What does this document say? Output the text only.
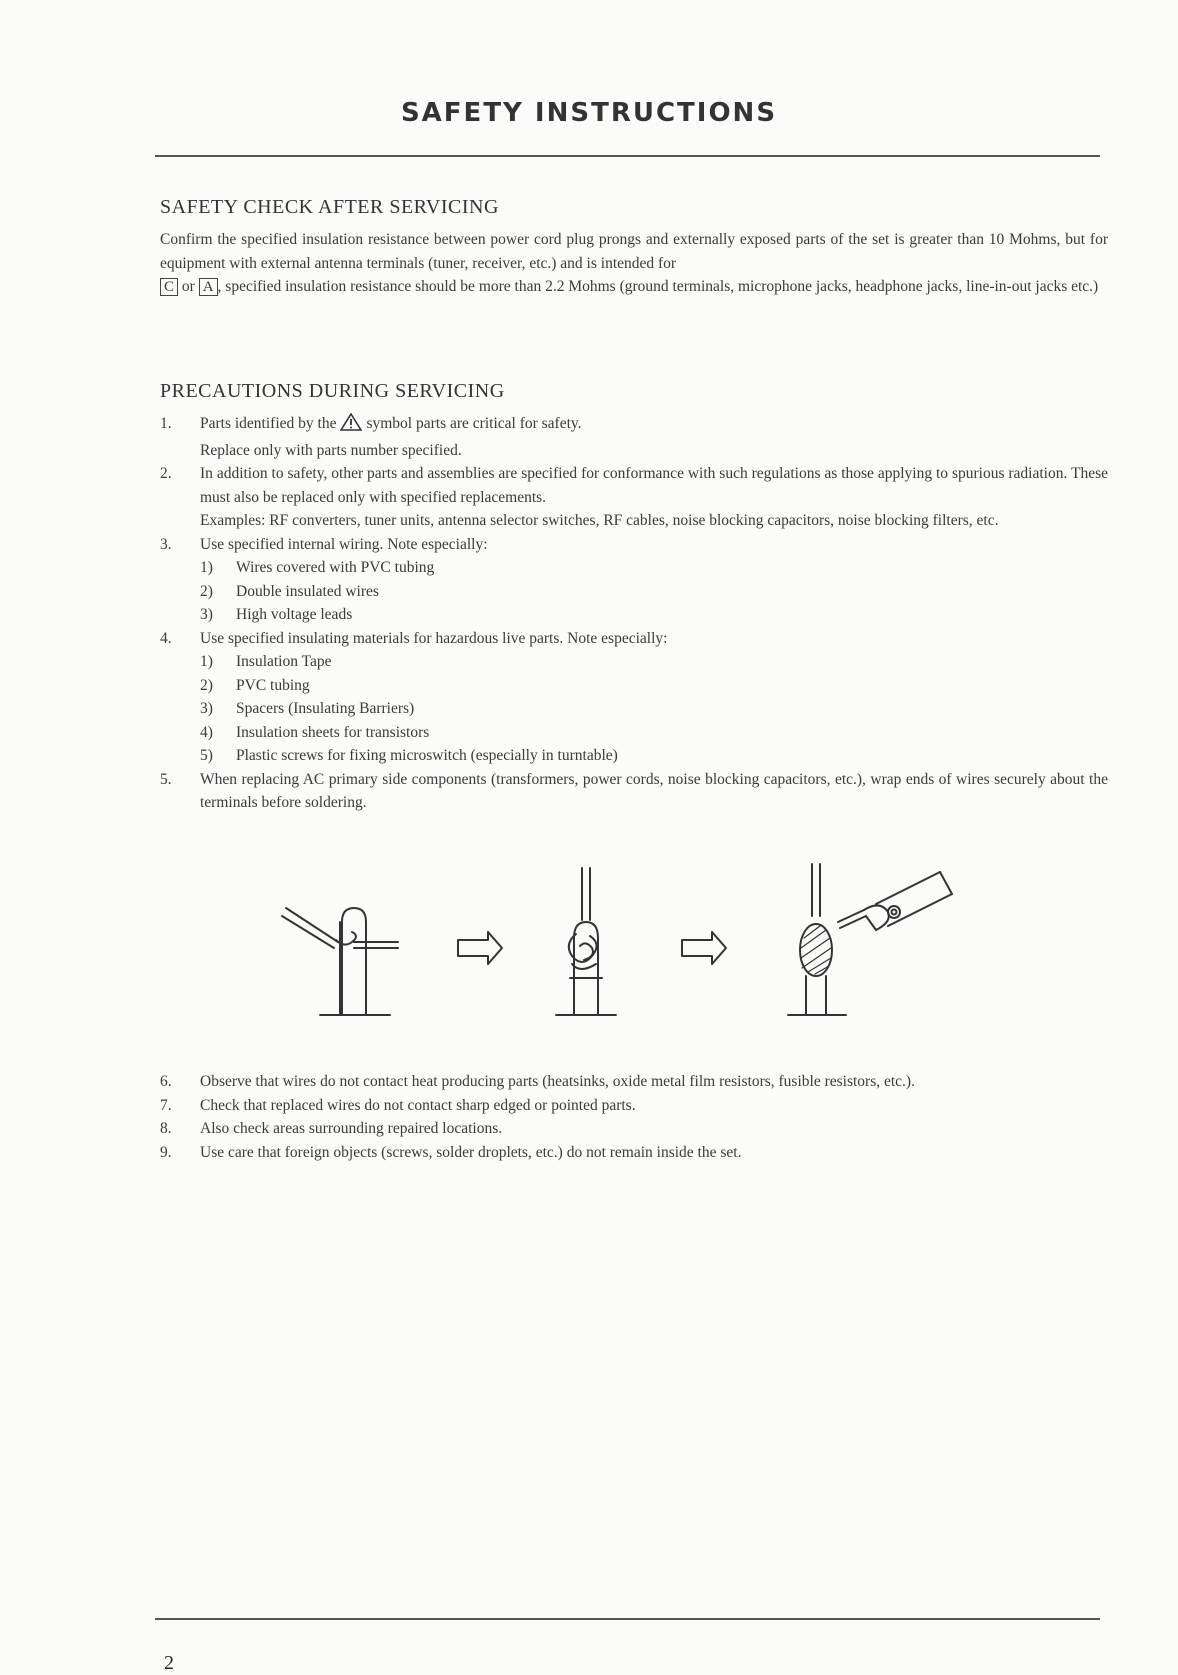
SAFETY INSTRUCTIONS
SAFETY CHECK AFTER SERVICING
Confirm the specified insulation resistance between power cord plug prongs and externally exposed parts of the set is greater than 10 Mohms, but for equipment with external antenna terminals (tuner, receiver, etc.) and is intended for
C or A , specified insulation resistance should be more than 2.2 Mohms (ground terminals, microphone jacks, headphone jacks, line-in-out jacks etc.)
PRECAUTIONS DURING SERVICING
1.	Parts identified by the symbol parts are critical for safety.
Replace only with parts number specified.
2.	In addition to safety, other parts and assemblies are specified for conformance with such regulations as those applying to spurious radiation. These must also be replaced only with specified replacements.
Examples: RF converters, tuner units, antenna selector switches, RF cables, noise blocking capacitors, noise blocking filters, etc.
3.	Use specified internal wiring. Note especially:
1)	Wires covered with PVC tubing
2)	Double insulated wires
3)	High voltage leads
4.	Use specified insulating materials for hazardous live parts. Note especially:
1)	Insulation Tape
2)	PVC tubing
3)	Spacers (Insulating Barriers)
4)	Insulation sheets for transistors
5)	Plastic screws for fixing microswitch (especially in turntable)
5.	When replacing AC primary side components (transformers, power cords, noise blocking capacitors, etc.), wrap ends of wires securely about the terminals before soldering.
6.	Observe that wires do not contact heat producing parts (heatsinks, oxide metal film resistors, fusible resistors, etc.).
7.	Check that replaced wires do not contact sharp edged or pointed parts.
8.	Also check areas surrounding repaired locations.
9.	Use care that foreign objects (screws, solder droplets, etc.) do not remain inside the set.
2
